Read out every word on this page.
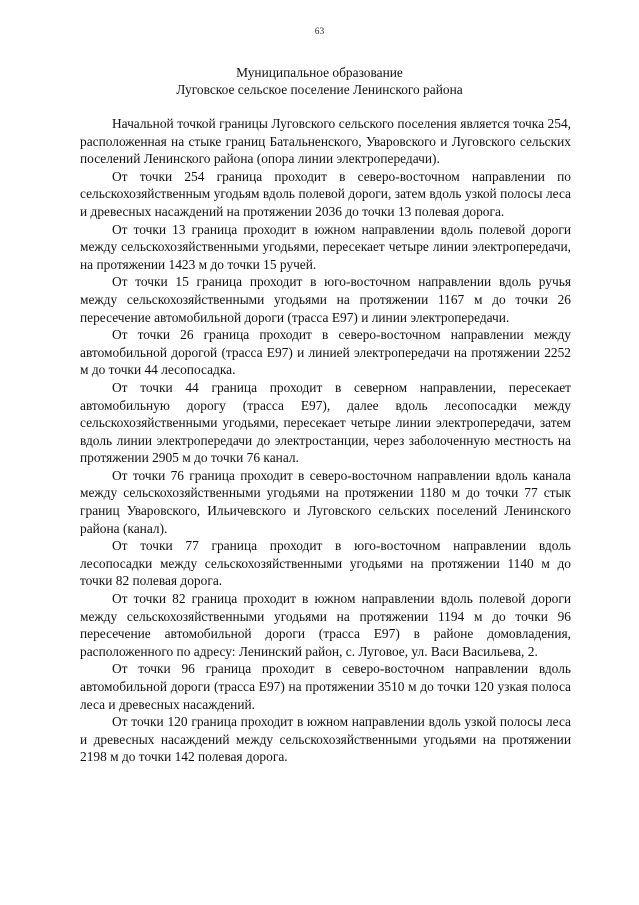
63
Муниципальное образование
Луговское сельское поселение Ленинского района

Начальной точкой границы Луговского сельского поселения является точка 254, расположенная на стыке границ Батальненского, Уваровского и Луговского сельских поселений Ленинского района (опора линии электропередачи).

От точки 254 граница проходит в северо-восточном направлении по сельскохозяйственным угодьям вдоль полевой дороги, затем вдоль узкой полосы леса и древесных насаждений на протяжении 2036 до точки 13 полевая дорога.

От точки 13 граница проходит в южном направлении вдоль полевой дороги между сельскохозяйственными угодьями, пересекает четыре линии электропередачи, на протяжении 1423 м до точки 15 ручей.

От точки 15 граница проходит в юго-восточном направлении вдоль ручья между сельскохозяйственными угодьями на протяжении 1167 м до точки 26 пересечение автомобильной дороги (трасса Е97) и линии электропередачи.

От точки 26 граница проходит в северо-восточном направлении между автомобильной дорогой (трасса Е97) и линией электропередачи на протяжении 2252 м до точки 44 лесопосадка.

От точки 44 граница проходит в северном направлении, пересекает автомобильную дорогу (трасса Е97), далее вдоль лесопосадки между сельскохозяйственными угодьями, пересекает четыре линии электропередачи, затем вдоль линии электропередачи до электростанции, через заболоченную местность на протяжении 2905 м до точки 76 канал.

От точки 76 граница проходит в северо-восточном направлении вдоль канала между сельскохозяйственными угодьями на протяжении 1180 м до точки 77 стык границ Уваровского, Ильичевского и Луговского сельских поселений Ленинского района (канал).

От точки 77 граница проходит в юго-восточном направлении вдоль лесопосадки между сельскохозяйственными угодьями на протяжении 1140 м до точки 82 полевая дорога.

От точки 82 граница проходит в южном направлении вдоль полевой дороги между сельскохозяйственными угодьями на протяжении 1194 м до точки 96 пересечение автомобильной дороги (трасса Е97) в районе домовладения, расположенного по адресу: Ленинский район, с. Луговое, ул. Васи Васильева, 2.

От точки 96 граница проходит в северо-восточном направлении вдоль автомобильной дороги (трасса Е97) на протяжении 3510 м до точки 120 узкая полоса леса и древесных насаждений.

От точки 120 граница проходит в южном направлении вдоль узкой полосы леса и древесных насаждений между сельскохозяйственными угодьями на протяжении 2198 м до точки 142 полевая дорога.
